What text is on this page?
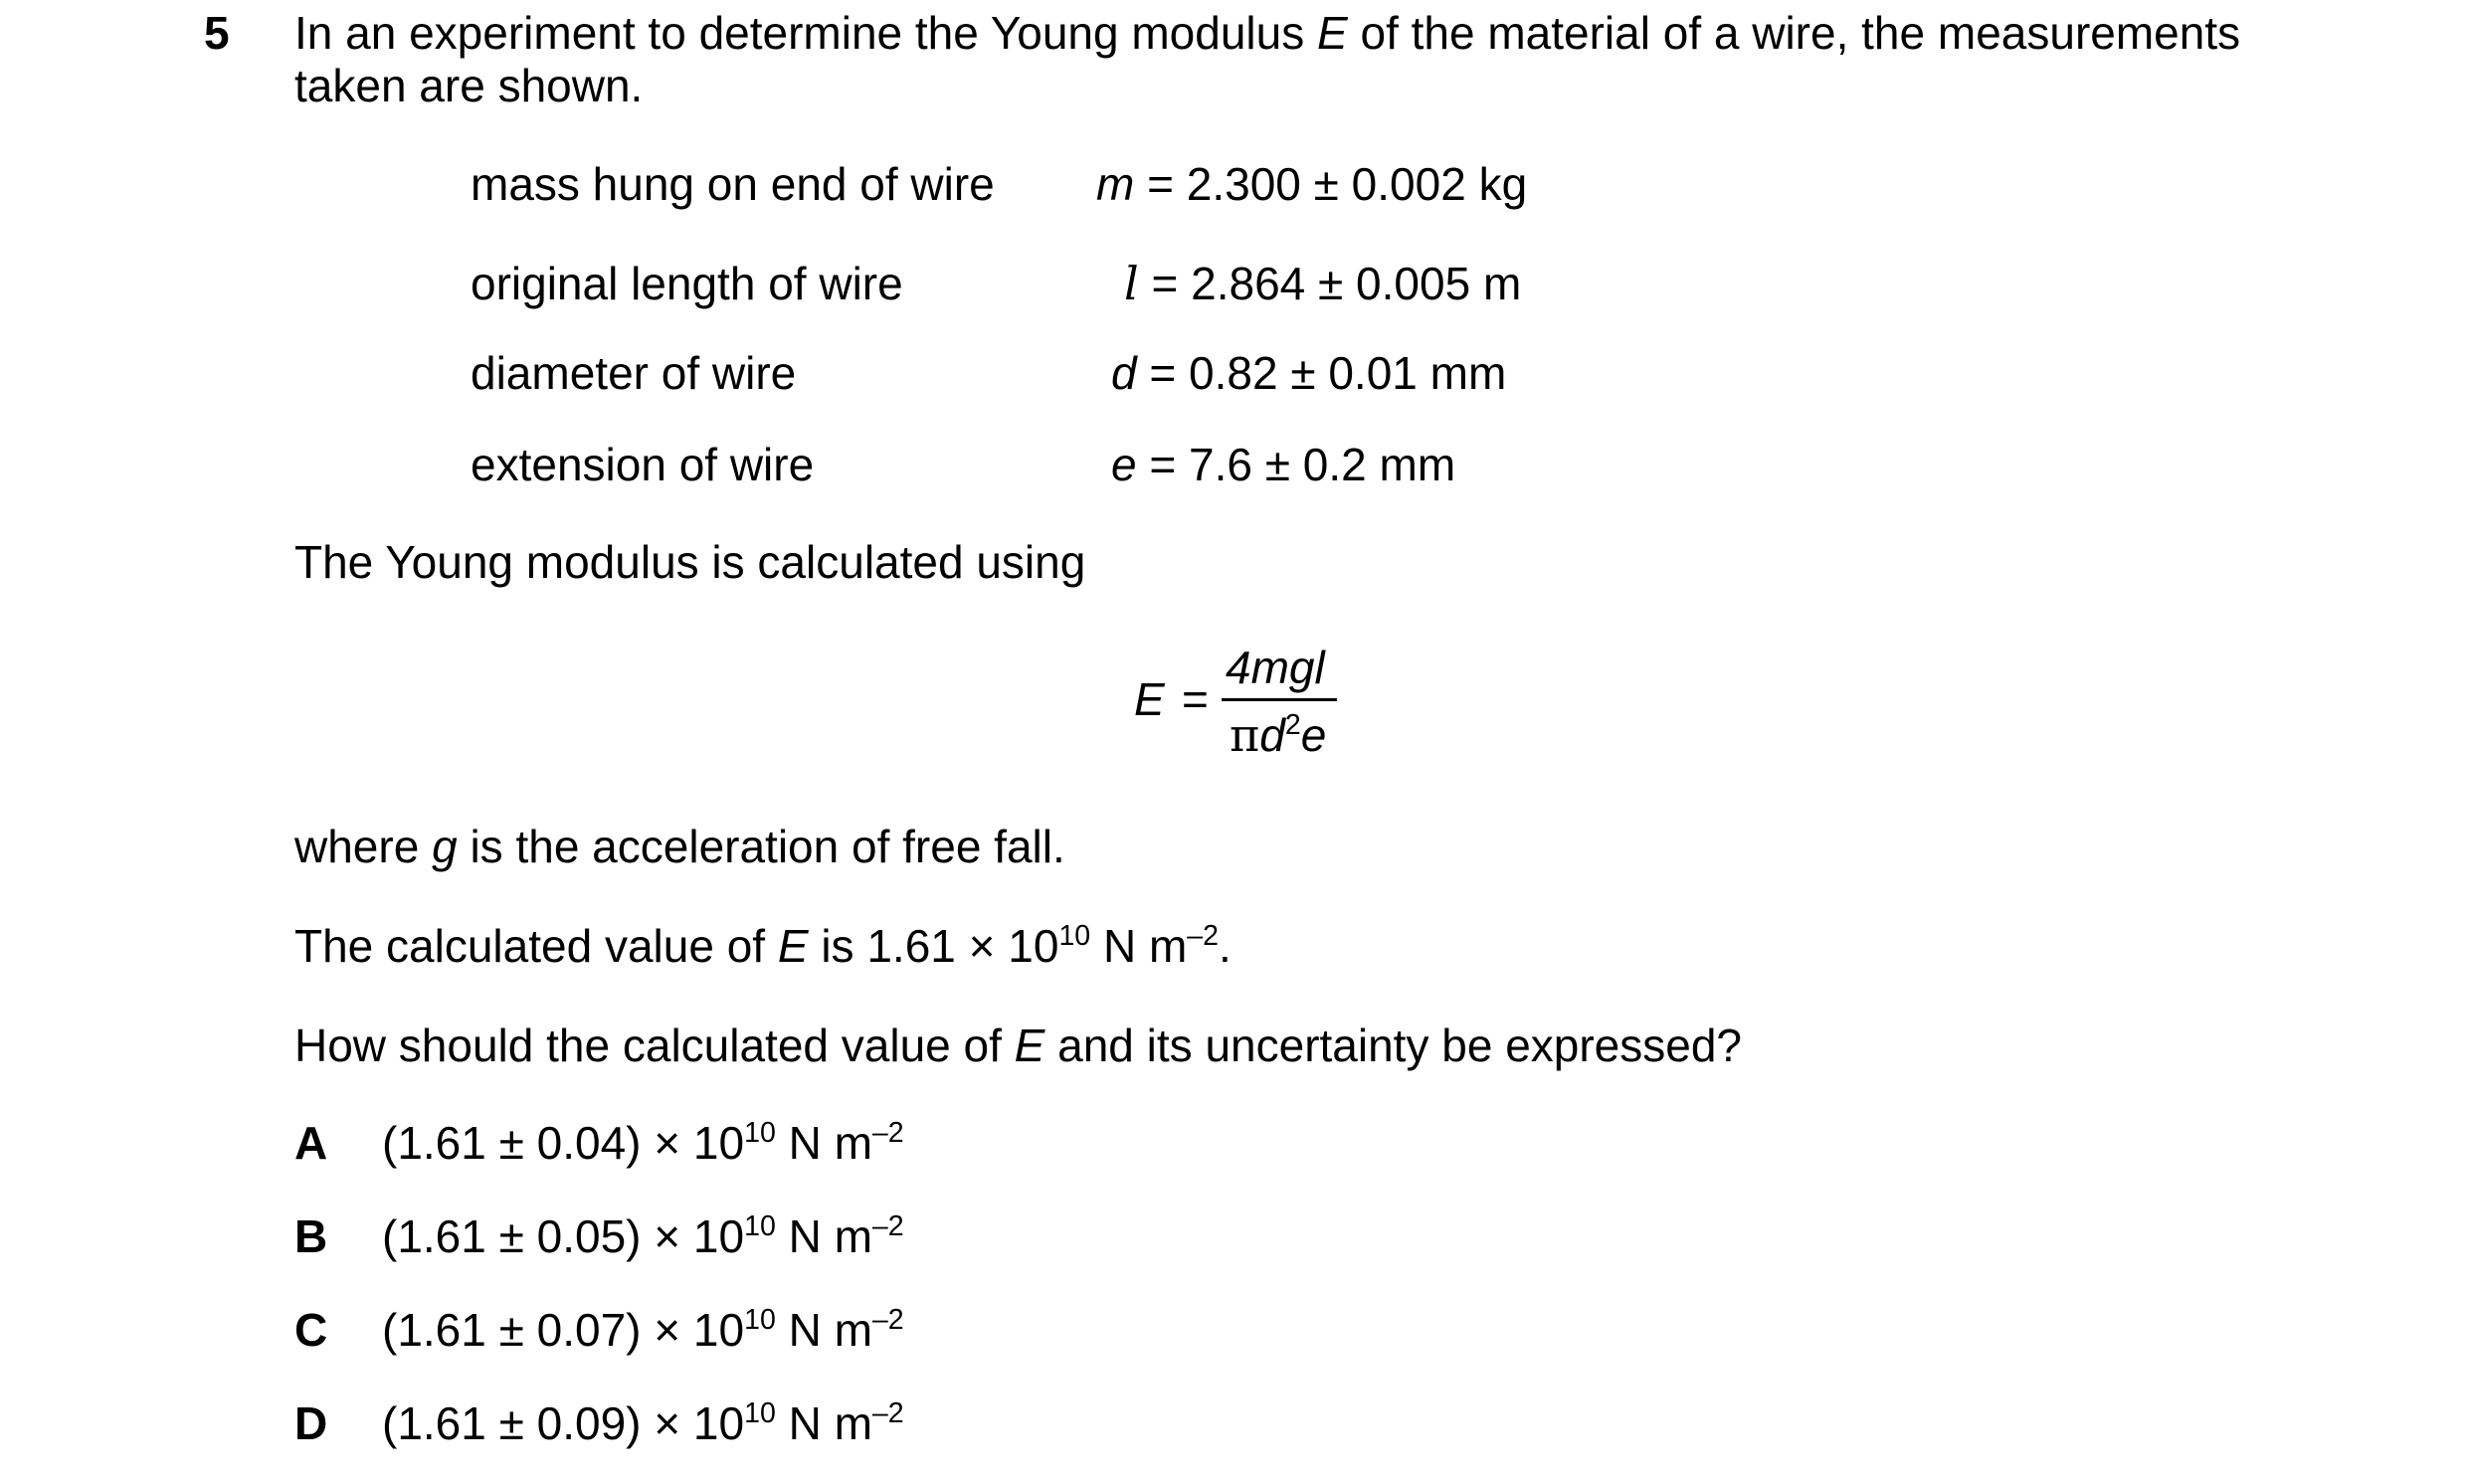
5 In an experiment to determine the Young modulus E of the material of a wire, the measurements
taken are shown.
mass hung on end of wire m = 2.300 ± 0.002 kg
original length of wire	l = 2.864 ± 0.005 m
diameter of wire	d = 0.82 ± 0.01 mm
extension of wire	e = 7.6 ± 0.2 mm
The Young modulus is calculated using
E =
4mgl
$\pi d^2e$
where g is the acceleration of free fall.
The calculated value of E is $1.61 \times 10^{10}$ N $m^{-2}$.
How should the calculated value of E and its uncertainty be expressed?
A $(1.61 \pm 0.04) \times 10^{10}$ N $m^{-2}$
B $(1.61 \pm 0.05) \times 10^{10}$ N $m^{-2}$
C $(1.61 \pm 0.07) \times 10^{10}$ N $m^{-2}$
D $(1.61 \pm 0.09) \times 10^{10}$ N $m^{-2}$
